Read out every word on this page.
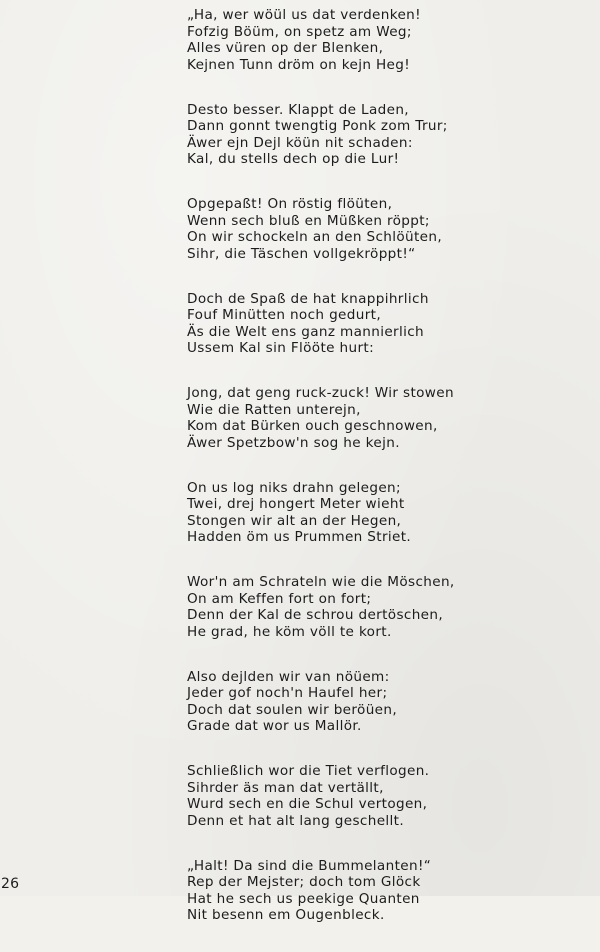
„Ha, wer wöül us dat verdenken!
Fofzig Böüm, on spetz am Weg;
Alles vüren op der Blenken,
Kejnen Tunn dröm on kejn Heg!
Desto besser. Klappt de Laden,
Dann gonnt twengtig Ponk zom Trur;
Äwer ejn Dejl köün nit schaden:
Kal, du stells dech op die Lur!
Opgepaßt! On röstig flöüten,
Wenn sech bluß en Müßken röppt;
On wir schockeln an den Schlöüten,
Sihr, die Täschen vollgekröppt!“
Doch de Spaß de hat knappihrlich
Fouf Minütten noch gedurt,
Äs die Welt ens ganz mannierlich
Ussem Kal sin Flööte hurt:
Jong, dat geng ruck-zuck! Wir stowen
Wie die Ratten unterejn,
Kom dat Bürken ouch geschnowen,
Äwer Spetzbow'n sog he kejn.
On us log niks drahn gelegen;
Twei, drej hongert Meter wieht
Stongen wir alt an der Hegen,
Hadden öm us Prummen Striet.
Wor'n am Schrateln wie die Möschen,
On am Keffen fort on fort;
Denn der Kal de schrou dertöschen,
He grad, he köm völl te kort.
Also dejlden wir van nöüem:
Jeder gof noch'n Haufel her;
Doch dat soulen wir beröüen,
Grade dat wor us Mallör.
Schließlich wor die Tiet verflogen.
Sihrder äs man dat vertällt,
Wurd sech en die Schul vertogen,
Denn et hat alt lang geschellt.
„Halt! Da sind die Bummelanten!“
Rep der Mejster; doch tom Glöck
Hat he sech us peekige Quanten
Nit besenn em Ougenbleck.
26
